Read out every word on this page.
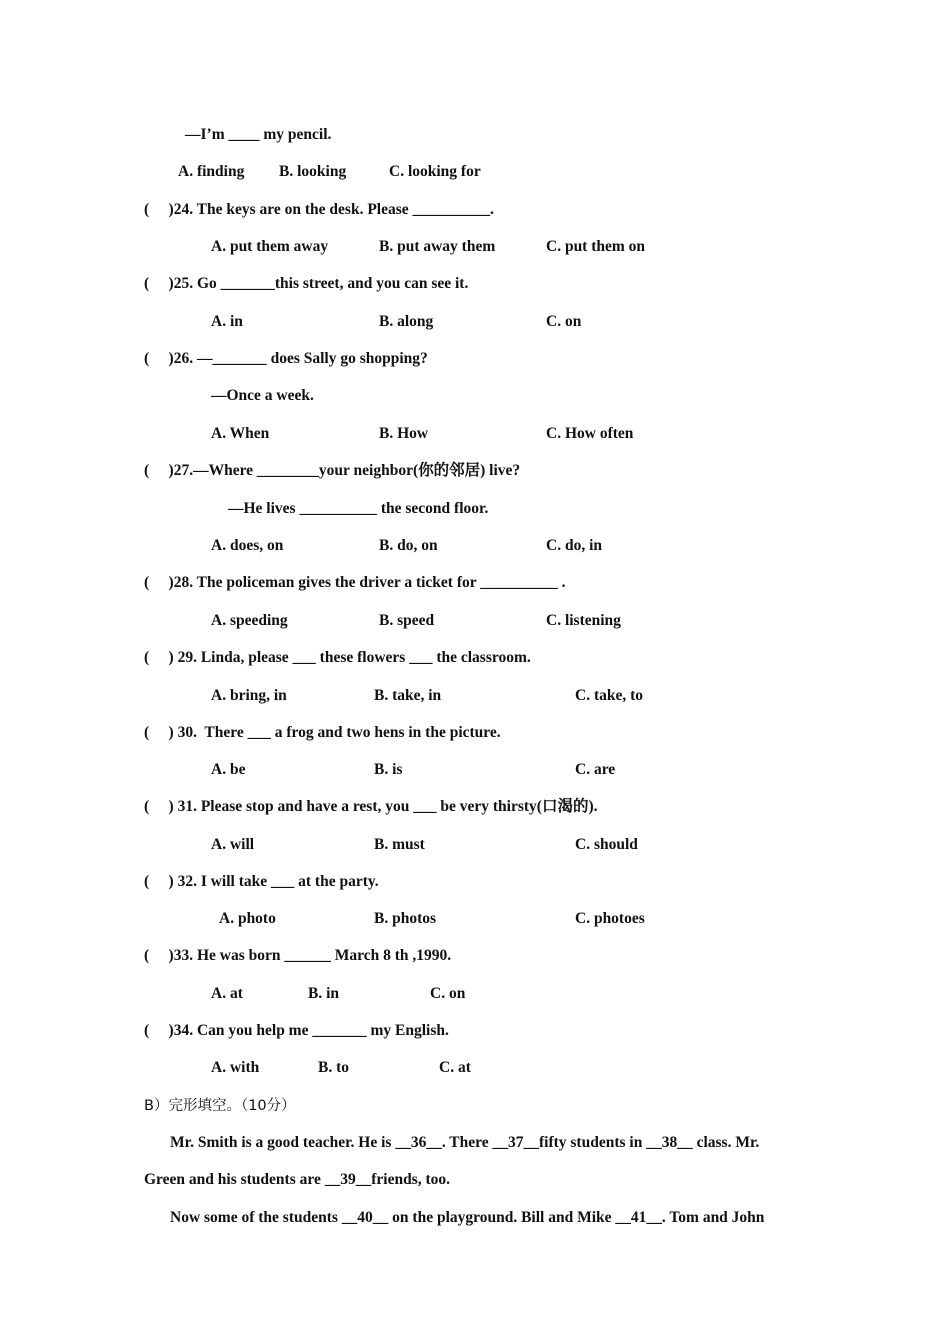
—I’m ____ my pencil.
A. finding B. looking	C. looking for
(     )24. The keys are on the desk. Please __________.
A. put them away	B. put away them	C. put them on
(     )25. Go _______this street, and you can see it.
A. in	B. along	C. on
(     )26. —_______ does Sally go shopping?
—Once a week.
A. When	B. How	C. How often
(     )27.—Where ________your neighbor(你的邻居) live?
—He lives __________ the second floor.
A. does, on	B. do, on	C. do, in
(     )28. The policeman gives the driver a ticket for __________ .
A. speeding	B. speed	C. listening
(     ) 29. Linda, please ___ these flowers ___ the classroom.
A. bring, in	B. take, in	C. take, to
(     ) 30.  There ___ a frog and two hens in the picture.
A. be	B. is	C. are
(     ) 31. Please stop and have a rest, you ___ be very thirsty(口渴的).
A. will	B. must	C. should
(     ) 32. I will take ___ at the party.
A. photo	B. photos	C. photoes
(     )33. He was born ______ March 8 th ,1990.
A. at	B. in	C. on
(     )34. Can you help me _______ my English.
A. with	B. to	C. at
B）完形填空。（10分）
Mr. Smith is a good teacher. He is __36__. There __37__fifty students in __38__ class. Mr.
Green and his students are __39__friends, too.
Now some of the students __40__ on the playground. Bill and Mike __41__. Tom and John
